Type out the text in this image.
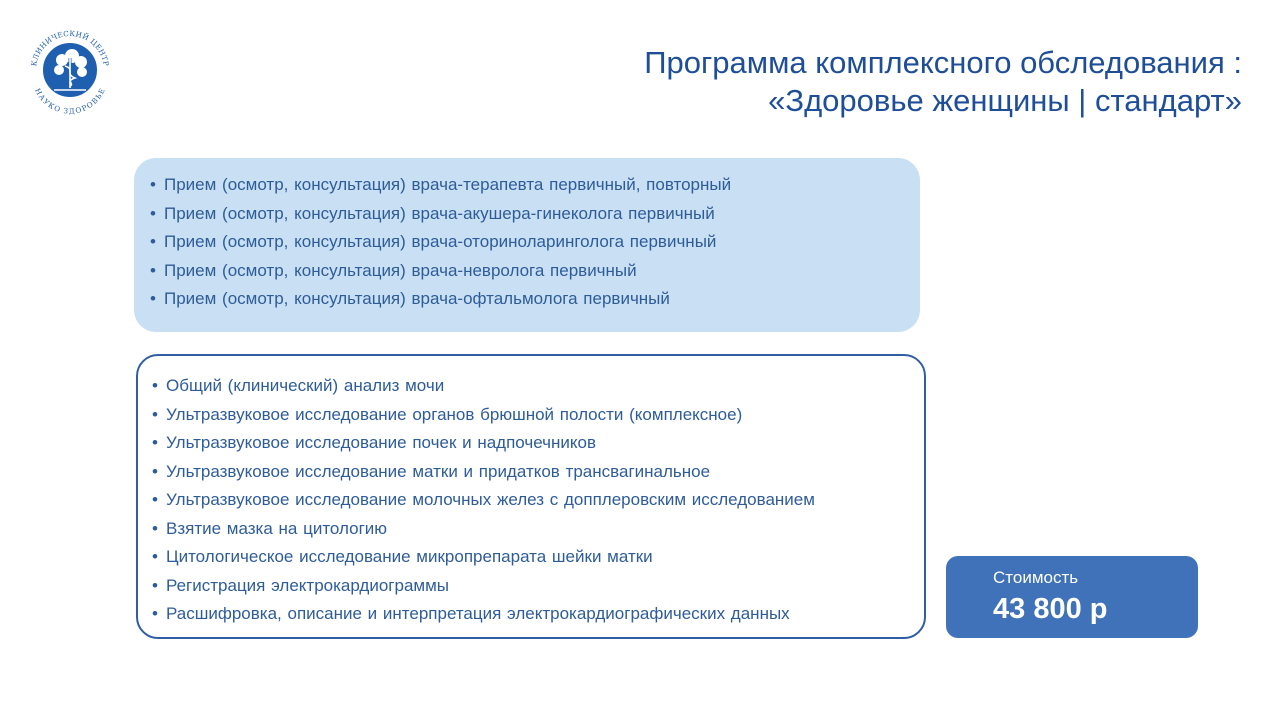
КЛИНИЧЕСКИЙ ЦЕНТР
НАУКО ЗДОРОВЬЕ
Программа комплексного обследования :
«Здоровье женщины | стандарт»
• Прием (осмотр, консультация) врача-терапевта первичный, повторный
• Прием (осмотр, консультация) врача-акушера-гинеколога первичный
• Прием (осмотр, консультация) врача-оториноларинголога первичный
• Прием (осмотр, консультация) врача-невролога первичный
• Прием (осмотр, консультация) врача-офтальмолога первичный
• Общий (клинический) анализ мочи
• Ультразвуковое исследование органов брюшной полости (комплексное)
• Ультразвуковое исследование почек и надпочечников
• Ультразвуковое исследование матки и придатков трансвагинальное
• Ультразвуковое исследование молочных желез с допплеровским исследованием
• Взятие мазка на цитологию
• Цитологическое исследование микропрепарата шейки матки
• Регистрация электрокардиограммы
• Расшифровка, описание и интерпретация электрокардиографических данных
Стоимость
43 800 р
